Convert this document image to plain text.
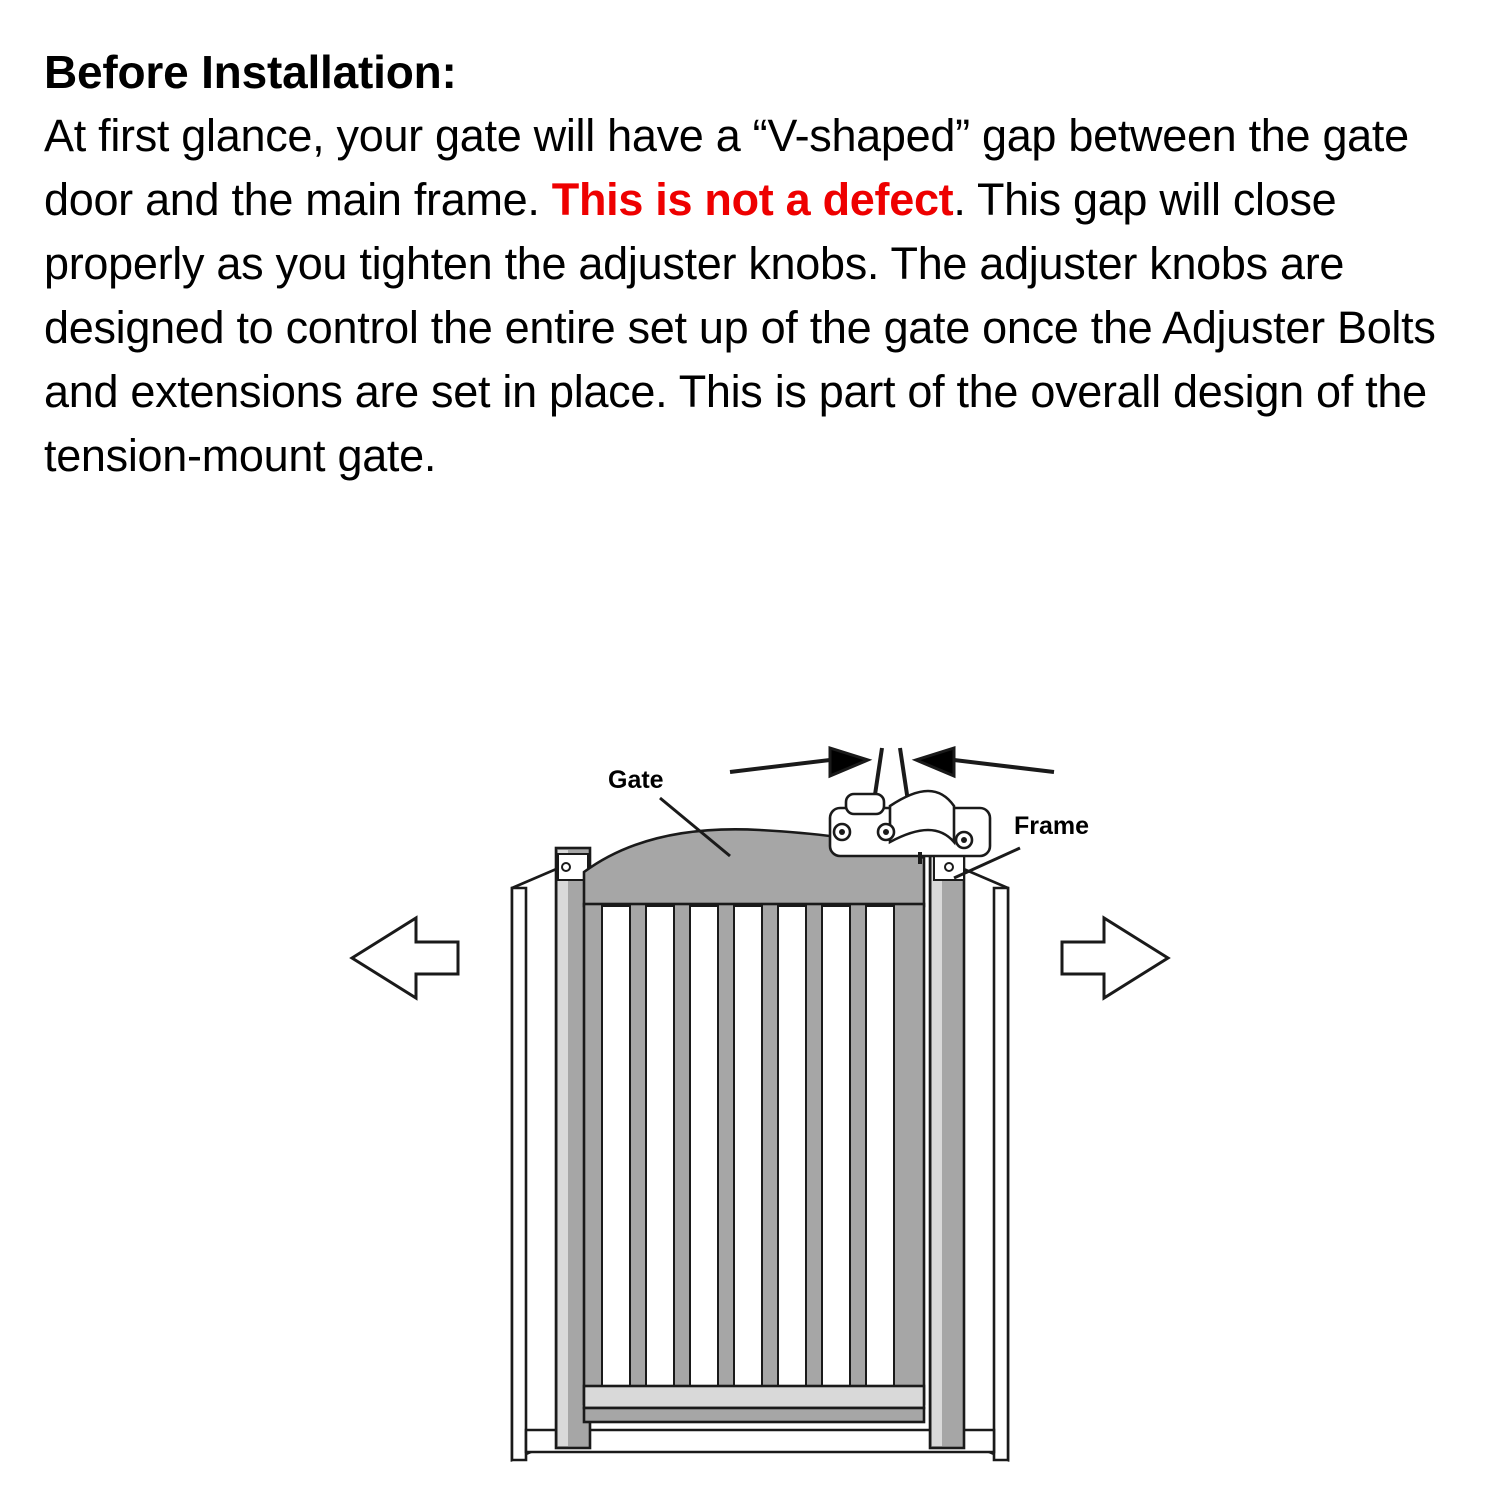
Before Installation:

At first glance, your gate will have a “V-shaped” gap between the gate door and the main frame. This is not a defect. This gap will close properly as you tighten the adjuster knobs. The adjuster knobs are designed to control the entire set up of the gate once the Adjuster Bolts and extensions are set in place. This is part of the overall design of the tension-mount gate.

Gate
Frame
